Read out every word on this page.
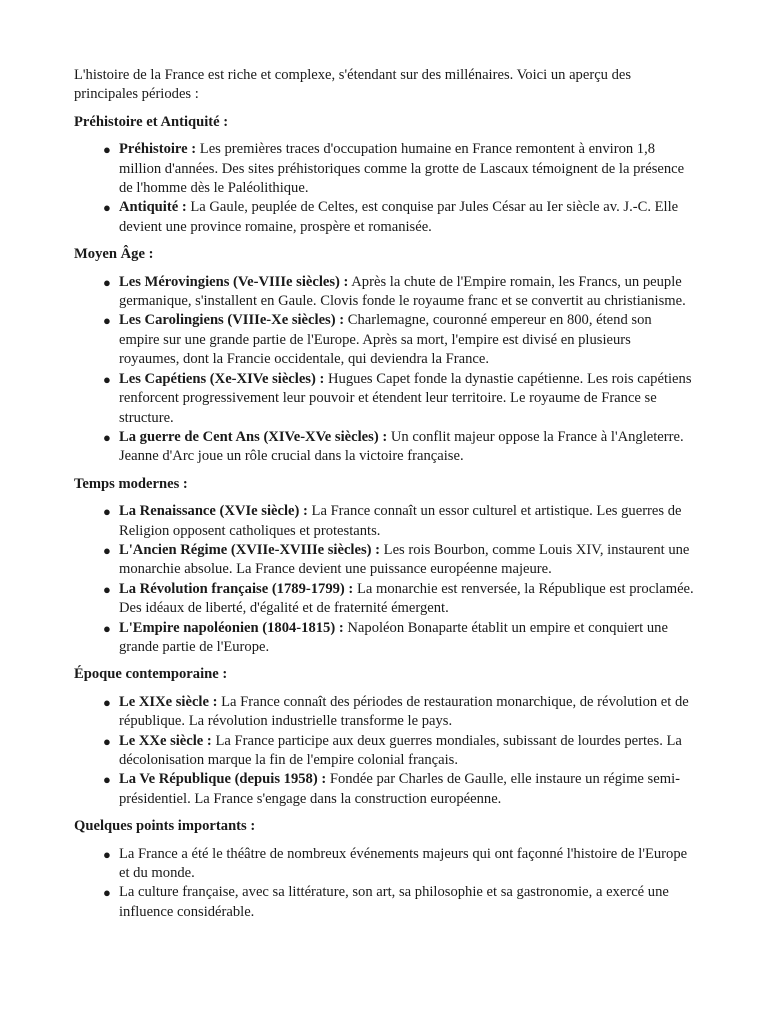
L'histoire de la France est riche et complexe, s'étendant sur des millénaires. Voici un aperçu des principales périodes :

Préhistoire et Antiquité :

● Préhistoire : Les premières traces d'occupation humaine en France remontent à environ 1,8 million d'années. Des sites préhistoriques comme la grotte de Lascaux témoignent de la présence de l'homme dès le Paléolithique.
● Antiquité : La Gaule, peuplée de Celtes, est conquise par Jules César au Ier siècle av. J.-C. Elle devient une province romaine, prospère et romanisée.

Moyen Âge :

● Les Mérovingiens (Ve-VIIIe siècles) : Après la chute de l'Empire romain, les Francs, un peuple germanique, s'installent en Gaule. Clovis fonde le royaume franc et se convertit au christianisme.
● Les Carolingiens (VIIIe-Xe siècles) : Charlemagne, couronné empereur en 800, étend son empire sur une grande partie de l'Europe. Après sa mort, l'empire est divisé en plusieurs royaumes, dont la Francie occidentale, qui deviendra la France.
● Les Capétiens (Xe-XIVe siècles) : Hugues Capet fonde la dynastie capétienne. Les rois capétiens renforcent progressivement leur pouvoir et étendent leur territoire. Le royaume de France se structure.
● La guerre de Cent Ans (XIVe-XVe siècles) : Un conflit majeur oppose la France à l'Angleterre. Jeanne d'Arc joue un rôle crucial dans la victoire française.

Temps modernes :

● La Renaissance (XVIe siècle) : La France connaît un essor culturel et artistique. Les guerres de Religion opposent catholiques et protestants.
● L'Ancien Régime (XVIIe-XVIIIe siècles) : Les rois Bourbon, comme Louis XIV, instaurent une monarchie absolue. La France devient une puissance européenne majeure.
● La Révolution française (1789-1799) : La monarchie est renversée, la République est proclamée. Des idéaux de liberté, d'égalité et de fraternité émergent.
● L'Empire napoléonien (1804-1815) : Napoléon Bonaparte établit un empire et conquiert une grande partie de l'Europe.

Époque contemporaine :

● Le XIXe siècle : La France connaît des périodes de restauration monarchique, de révolution et de république. La révolution industrielle transforme le pays.
● Le XXe siècle : La France participe aux deux guerres mondiales, subissant de lourdes pertes. La décolonisation marque la fin de l'empire colonial français.
● La Ve République (depuis 1958) : Fondée par Charles de Gaulle, elle instaure un régime semi-présidentiel. La France s'engage dans la construction européenne.

Quelques points importants :

● La France a été le théâtre de nombreux événements majeurs qui ont façonné l'histoire de l'Europe et du monde.
● La culture française, avec sa littérature, son art, sa philosophie et sa gastronomie, a exercé une influence considérable.
